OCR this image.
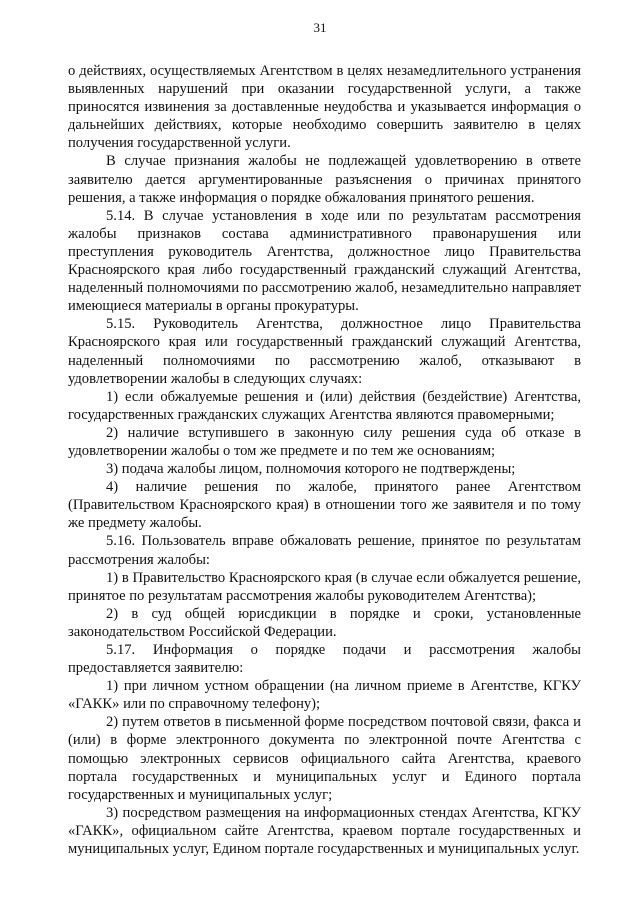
31

о действиях, осуществляемых Агентством в целях незамедлительного устранения выявленных нарушений при оказании государственной услуги, а также приносятся извинения за доставленные неудобства и указывается информация о дальнейших действиях, которые необходимо совершить заявителю в целях получения государственной услуги.

В случае признания жалобы не подлежащей удовлетворению в ответе заявителю дается аргументированные разъяснения о причинах принятого решения, а также информация о порядке обжалования принятого решения.

5.14. В случае установления в ходе или по результатам рассмотрения жалобы признаков состава административного правонарушения или преступления руководитель Агентства, должностное лицо Правительства Красноярского края либо государственный гражданский служащий Агентства, наделенный полномочиями по рассмотрению жалоб, незамедлительно направляет имеющиеся материалы в органы прокуратуры.

5.15. Руководитель Агентства, должностное лицо Правительства Красноярского края или государственный гражданский служащий Агентства, наделенный полномочиями по рассмотрению жалоб, отказывают в удовлетворении жалобы в следующих случаях:

1) если обжалуемые решения и (или) действия (бездействие) Агентства, государственных гражданских служащих Агентства являются правомерными;

2) наличие вступившего в законную силу решения суда об отказе в удовлетворении жалобы о том же предмете и по тем же основаниям;

3) подача жалобы лицом, полномочия которого не подтверждены;

4) наличие решения по жалобе, принятого ранее Агентством (Правительством Красноярского края) в отношении того же заявителя и по тому же предмету жалобы.

5.16. Пользователь вправе обжаловать решение, принятое по результатам рассмотрения жалобы:

1) в Правительство Красноярского края (в случае если обжалуется решение, принятое по результатам рассмотрения жалобы руководителем Агентства);

2) в суд общей юрисдикции в порядке и сроки, установленные законодательством Российской Федерации.

5.17. Информация о порядке подачи и рассмотрения жалобы предоставляется заявителю:

1) при личном устном обращении (на личном приеме в Агентстве, КГКУ «ГАКК» или по справочному телефону);

2) путем ответов в письменной форме посредством почтовой связи, факса и (или) в форме электронного документа по электронной почте Агентства с помощью электронных сервисов официального сайта Агентства, краевого портала государственных и муниципальных услуг и Единого портала государственных и муниципальных услуг;

3) посредством размещения на информационных стендах Агентства, КГКУ «ГАКК», официальном сайте Агентства, краевом портале государственных и муниципальных услуг, Едином портале государственных и муниципальных услуг.
